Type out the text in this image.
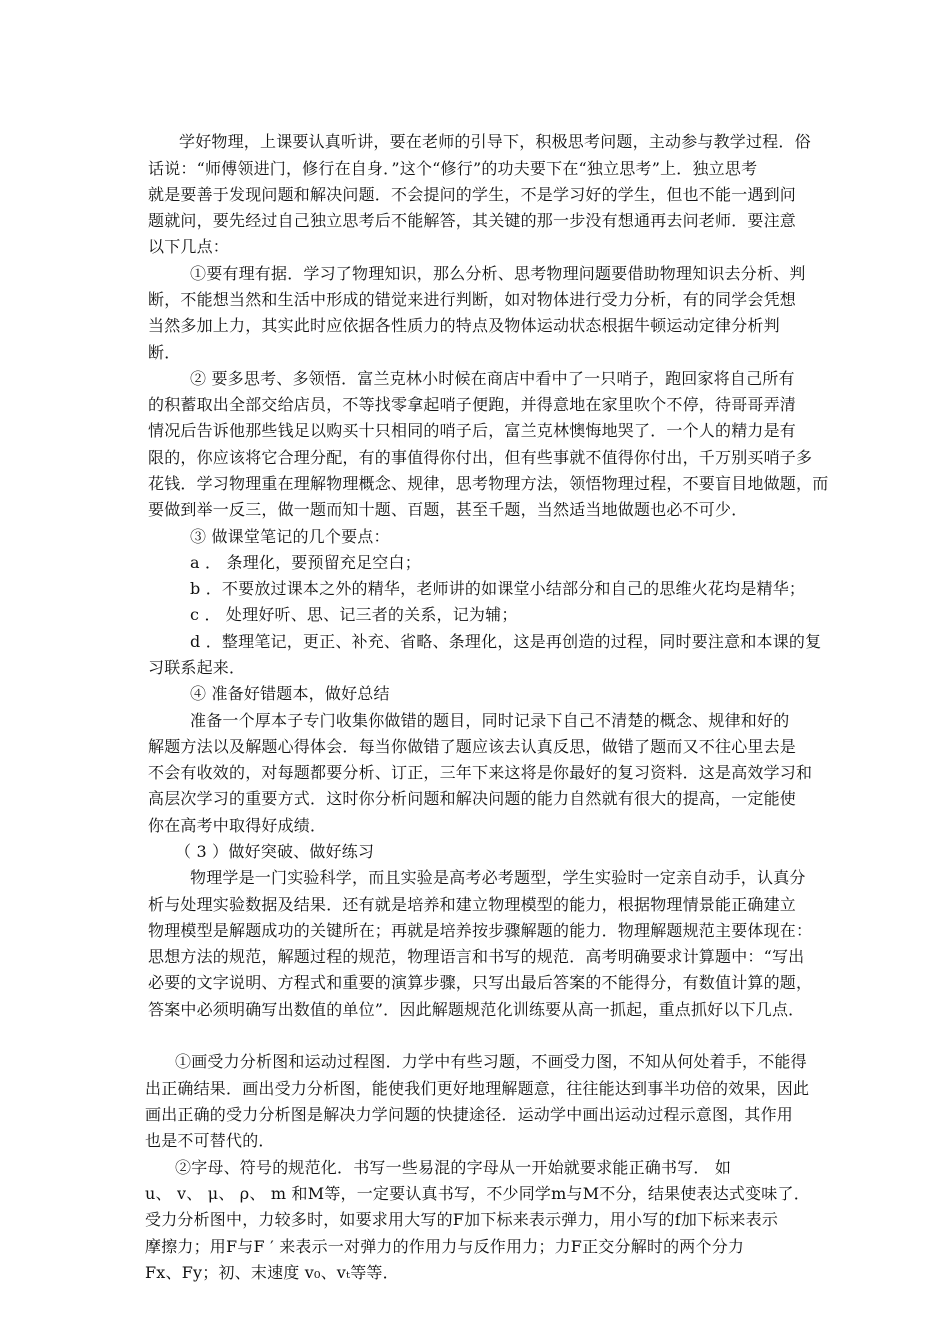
学好物理，上课要认真听讲，要在老师的引导下，积极思考问题，主动参与教学过程．俗
话说：“师傅领进门，修行在自身．”这个“修行”的功夫要下在“独立思考”上．独立思考
就是要善于发现问题和解决问题．不会提问的学生，不是学习好的学生，但也不能一遇到问
题就问，要先经过自己独立思考后不能解答，其关键的那一步没有想通再去问老师．要注意
以下几点：
①要有理有据．学习了物理知识，那么分析、思考物理问题要借助物理知识去分析、判
断，不能想当然和生活中形成的错觉来进行判断，如对物体进行受力分析，有的同学会凭想
当然多加上力，其实此时应依据各性质力的特点及物体运动状态根据牛顿运动定律分析判
断．
② 要多思考、多领悟．富兰克林小时候在商店中看中了一只哨子，跑回家将自己所有
的积蓄取出全部交给店员，不等找零拿起哨子便跑，并得意地在家里吹个不停，待哥哥弄清
情况后告诉他那些钱足以购买十只相同的哨子后，富兰克林懊悔地哭了．一个人的精力是有
限的，你应该将它合理分配，有的事值得你付出，但有些事就不值得你付出，千万别买哨子多
花钱．学习物理重在理解物理概念、规律，思考物理方法，领悟物理过程，不要盲目地做题，而
要做到举一反三，做一题而知十题、百题，甚至千题，当然适当地做题也必不可少．
③ 做课堂笔记的几个要点：
a ． 条理化，要预留充足空白；
b ．不要放过课本之外的精华，老师讲的如课堂小结部分和自己的思维火花均是精华；
c ． 处理好听、思、记三者的关系，记为辅；
d ．整理笔记，更正、补充、省略、条理化，这是再创造的过程，同时要注意和本课的复
习联系起来．
④ 准备好错题本，做好总结
准备一个厚本子专门收集你做错的题目，同时记录下自己不清楚的概念、规律和好的
解题方法以及解题心得体会．每当你做错了题应该去认真反思，做错了题而又不往心里去是
不会有收效的，对每题都要分析、订正，三年下来这将是你最好的复习资料．这是高效学习和
高层次学习的重要方式．这时你分析问题和解决问题的能力自然就有很大的提高，一定能使
你在高考中取得好成绩．
（ 3 ）做好突破、做好练习
物理学是一门实验科学，而且实验是高考必考题型，学生实验时一定亲自动手，认真分
析与处理实验数据及结果．还有就是培养和建立物理模型的能力，根据物理情景能正确建立
物理模型是解题成功的关键所在；再就是培养按步骤解题的能力．物理解题规范主要体现在：
思想方法的规范，解题过程的规范，物理语言和书写的规范．高考明确要求计算题中：“写出
必要的文字说明、方程式和重要的演算步骤，只写出最后答案的不能得分，有数值计算的题，
答案中必须明确写出数值的单位”．因此解题规范化训练要从高一抓起，重点抓好以下几点．
①画受力分析图和运动过程图．力学中有些习题，不画受力图，不知从何处着手，不能得
出正确结果．画出受力分析图，能使我们更好地理解题意，往往能达到事半功倍的效果，因此
画出正确的受力分析图是解决力学问题的快捷途径．运动学中画出运动过程示意图，其作用
也是不可替代的．
②字母、符号的规范化．书写一些易混的字母从一开始就要求能正确书写． 如
u、 v、 μ、 ρ、 m 和M等，一定要认真书写，不少同学m与M不分，结果使表达式变味了．
受力分析图中，力较多时，如要求用大写的F加下标来表示弹力，用小写的f加下标来表示
摩擦力；用F与F ′ 来表示一对弹力的作用力与反作用力；力F正交分解时的两个分力
Fx、Fy；初、末速度 v₀、vₜ等等．
